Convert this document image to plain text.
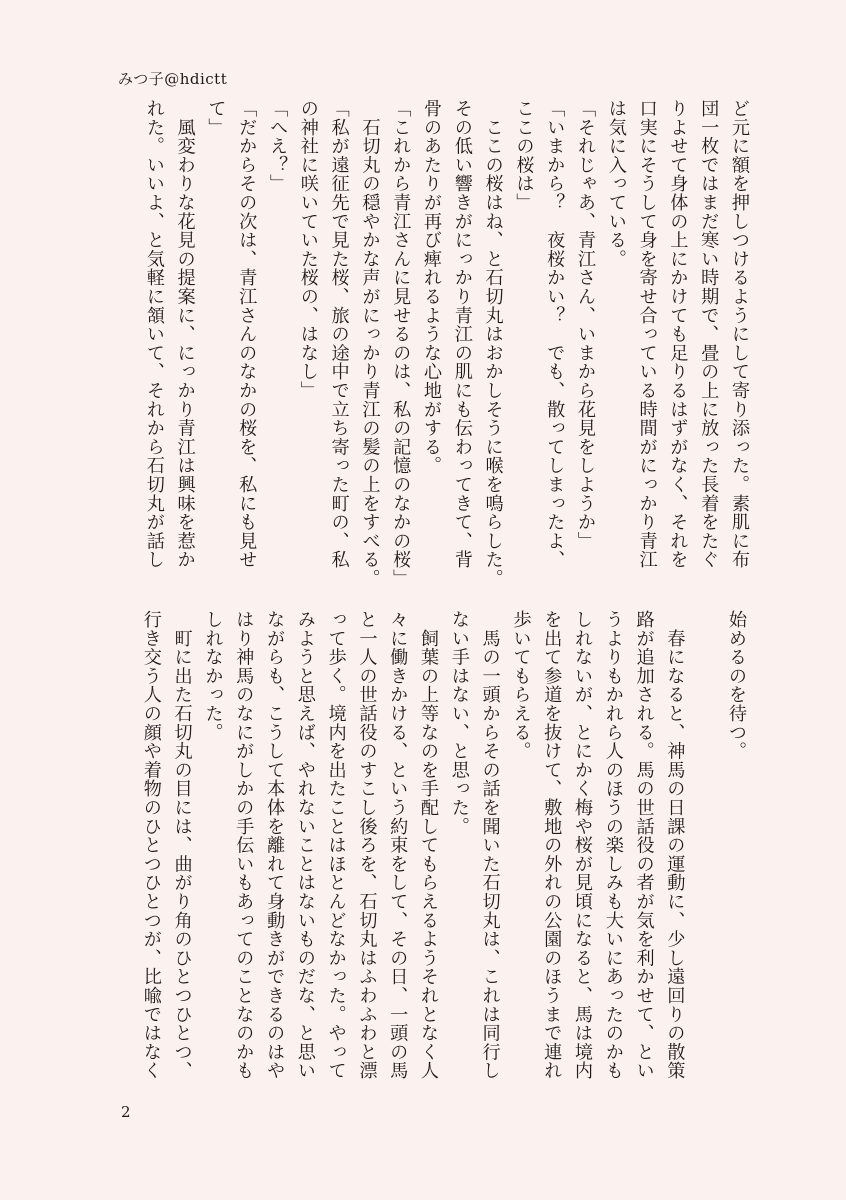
みつ子@hdictt

ど元に額を押しつけるようにして寄り添った。素肌に布

団一枚ではまだ寒い時期で、畳の上に放った長着をたぐ

りよせて身体の上にかけても足りるはずがなく、それを

口実にそうして身を寄せ合っている時間がにっかり青江

は気に入っている。

「それじゃあ、青江さん、いまから花見をしようか」

「いまから？　夜桜かい？　でも、散ってしまったよ、

ここの桜は」

　ここの桜はね、と石切丸はおかしそうに喉を鳴らした。

その低い響きがにっかり青江の肌にも伝わってきて、背

骨のあたりが再び痺れるような心地がする。

「これから青江さんに見せるのは、私の記憶のなかの桜」

　石切丸の穏やかな声がにっかり青江の髪の上をすべる。

「私が遠征先で見た桜、旅の途中で立ち寄った町の、私

の神社に咲いていた桜の、はなし」

「へえ？」

「だからその次は、青江さんのなかの桜を、私にも見せ

て」

　風変わりな花見の提案に、にっかり青江は興味を惹か

れた。いいよ、と気軽に頷いて、それから石切丸が話し

始めるのを待つ。

　春になると、神馬の日課の運動に、少し遠回りの散策

路が追加される。馬の世話役の者が気を利かせて、とい

うよりもかれら人のほうの楽しみも大いにあったのかも

しれないが、とにかく梅や桜が見頃になると、馬は境内

を出て参道を抜けて、敷地の外れの公園のほうまで連れ

歩いてもらえる。

　馬の一頭からその話を聞いた石切丸は、これは同行し

ない手はない、と思った。

　飼葉の上等なのを手配してもらえるようそれとなく人

々に働きかける、という約束をして、その日、一頭の馬

と一人の世話役のすこし後ろを、石切丸はふわふわと漂

って歩く。境内を出たことはほとんどなかった。やって

みようと思えば、やれないことはないものだな、と思い

ながらも、こうして本体を離れて身動きができるのはや

はり神馬のなにがしかの手伝いもあってのことなのかも

しれなかった。

　町に出た石切丸の目には、曲がり角のひとつひとつ、

行き交う人の顔や着物のひとつひとつが、比喩ではなく

2
